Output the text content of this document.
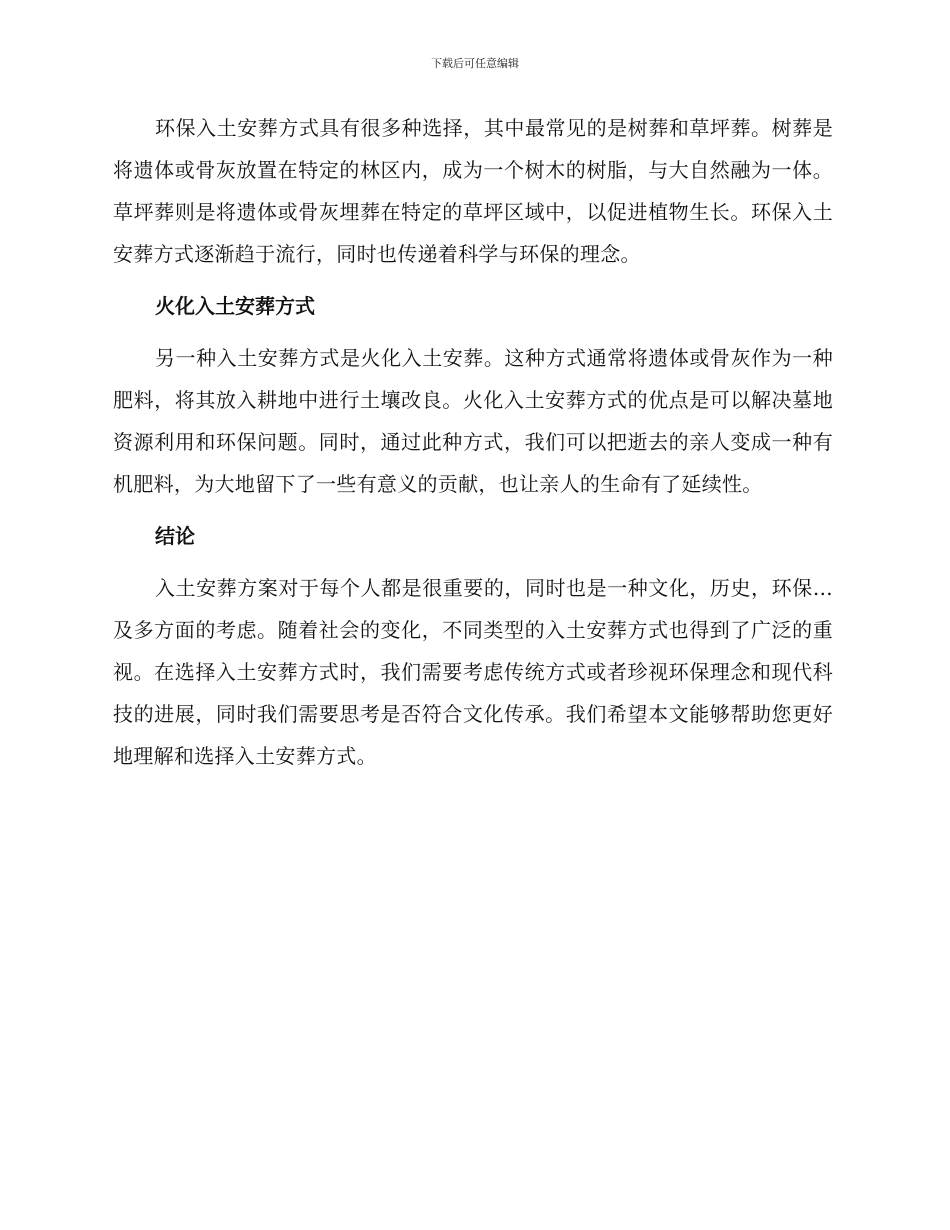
下载后可任意编辑

环保入土安葬方式具有很多种选择，其中最常见的是树葬和草坪葬。树葬是将遗体或骨灰放置在特定的林区内，成为一个树木的树脂，与大自然融为一体。草坪葬则是将遗体或骨灰埋葬在特定的草坪区域中，以促进植物生长。环保入土安葬方式逐渐趋于流行，同时也传递着科学与环保的理念。

火化入土安葬方式

另一种入土安葬方式是火化入土安葬。这种方式通常将遗体或骨灰作为一种肥料，将其放入耕地中进行土壤改良。火化入土安葬方式的优点是可以解决墓地资源利用和环保问题。同时，通过此种方式，我们可以把逝去的亲人变成一种有机肥料，为大地留下了一些有意义的贡献，也让亲人的生命有了延续性。

结论

入土安葬方案对于每个人都是很重要的，同时也是一种文化，历史，环保…及多方面的考虑。随着社会的变化，不同类型的入土安葬方式也得到了广泛的重视。在选择入土安葬方式时，我们需要考虑传统方式或者珍视环保理念和现代科技的进展，同时我们需要思考是否符合文化传承。我们希望本文能够帮助您更好地理解和选择入土安葬方式。
